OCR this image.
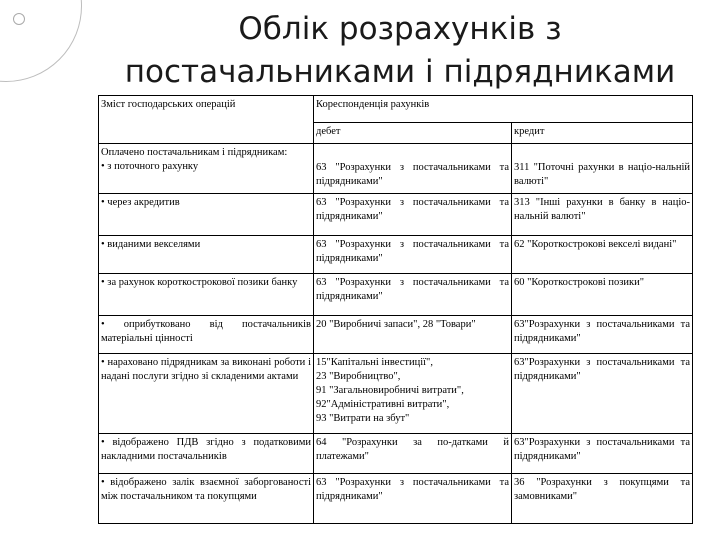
Облік розрахунків з
постачальниками і підрядниками
Зміст господарських операцій	Кореспонденція рахунків	
	дебет	кредит

Оплачено постачальникам і підрядникам:
• з поточного рахунку	63 "Розрахунки з постачальниками та підрядниками"	311 "Поточні рахунки в націо-нальній валюті"
• через акредитив	63 "Розрахунки з постачальниками та підрядниками"	313 "Інші рахунки в банку в націо-нальній валюті"
• виданими векселями	63 "Розрахунки з постачальниками та підрядниками"	62 "Короткострокові векселі видані"
• за рахунок короткострокової позики банку	63 "Розрахунки з постачальниками та підрядниками"	60 "Короткострокові позики"
• оприбутковано від постачальників матеріальні цінності	20 "Виробничі запаси", 28 "Товари"	63"Розрахунки з постачальниками та підрядниками"
• нараховано підрядникам за виконані роботи і надані послуги згідно зі складеними актами	15"Капітальні інвестиції",
23 "Виробництво",
91 "Загальновиробничі витрати",
92"Адміністративні витрати",
93 "Витрати на збут"	63"Розрахунки з постачальниками та підрядниками"
• відображено ПДВ згідно з податковими накладними постачальників	64 "Розрахунки за по-датками й платежами"	63"Розрахунки з постачальниками та підрядниками"
• відображено залік взаємної заборгованості між постачальником та покупцями	63 "Розрахунки з постачальниками та підрядниками"	36 "Розрахунки з покупцями та замовниками"
